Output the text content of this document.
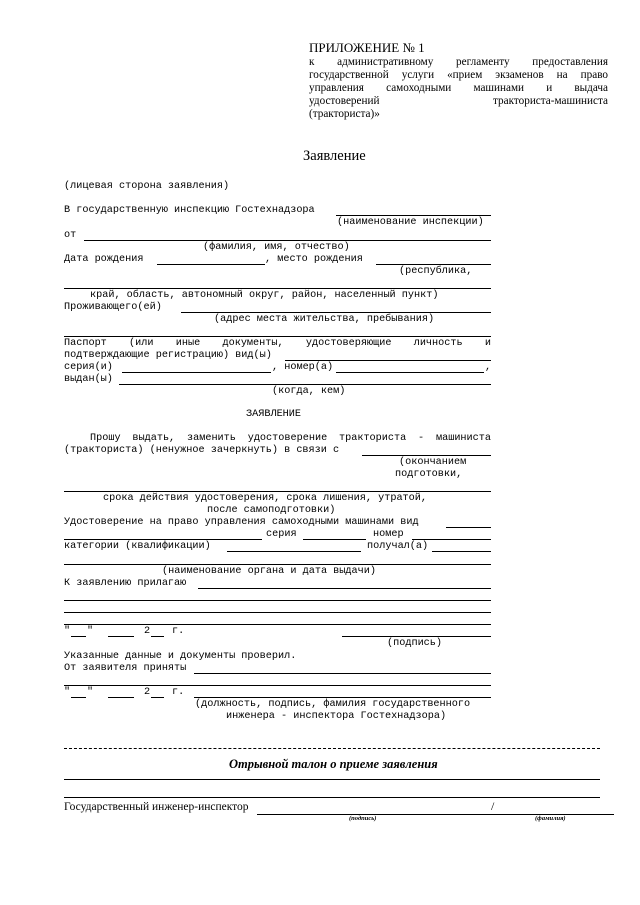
ПРИЛОЖЕНИЕ № 1
к административному регламенту предоставления
государственной услуги «прием экзаменов на право
управления самоходными машинами и выдача
удостоверений тракториста-машиниста
(тракториста)»
Заявление
(лицевая сторона заявления)
В государственную инспекцию Гостехнадзора
(наименование инспекции)
от
(фамилия, имя, отчество)
Дата рождения	, место рождения
(республика,
край, область, автономный округ, район, населенный пункт)
Проживающего(ей)
(адрес места жительства, пребывания)
Паспорт (или иные документы, удостоверяющие личность и
подтверждающие регистрацию) вид(ы)
серия(и)	, номер(а)	,
выдан(ы)
(когда, кем)
ЗАЯВЛЕНИЕ
Прошу выдать, заменить удостоверение тракториста - машиниста
(тракториста) (ненужное зачеркнуть) в связи с
(окончанием
подготовки,
срока действия удостоверения, срока лишения, утратой,
после самоподготовки)
Удостоверение на право управления самоходными машинами вид
серия	номер
категории (квалификации)	получал(а)
(наименование органа и дата выдачи)
К заявлению прилагаю
" "	2 г.
(подпись)
Указанные данные и документы проверил.
От заявителя приняты
" "	2 г.
(должность, подпись, фамилия государственного
инженера - инспектора Гостехнадзора)
Отрывной талон о приеме заявления
Государственный инженер-инспектор	/
(подпись)	(фамилия)
